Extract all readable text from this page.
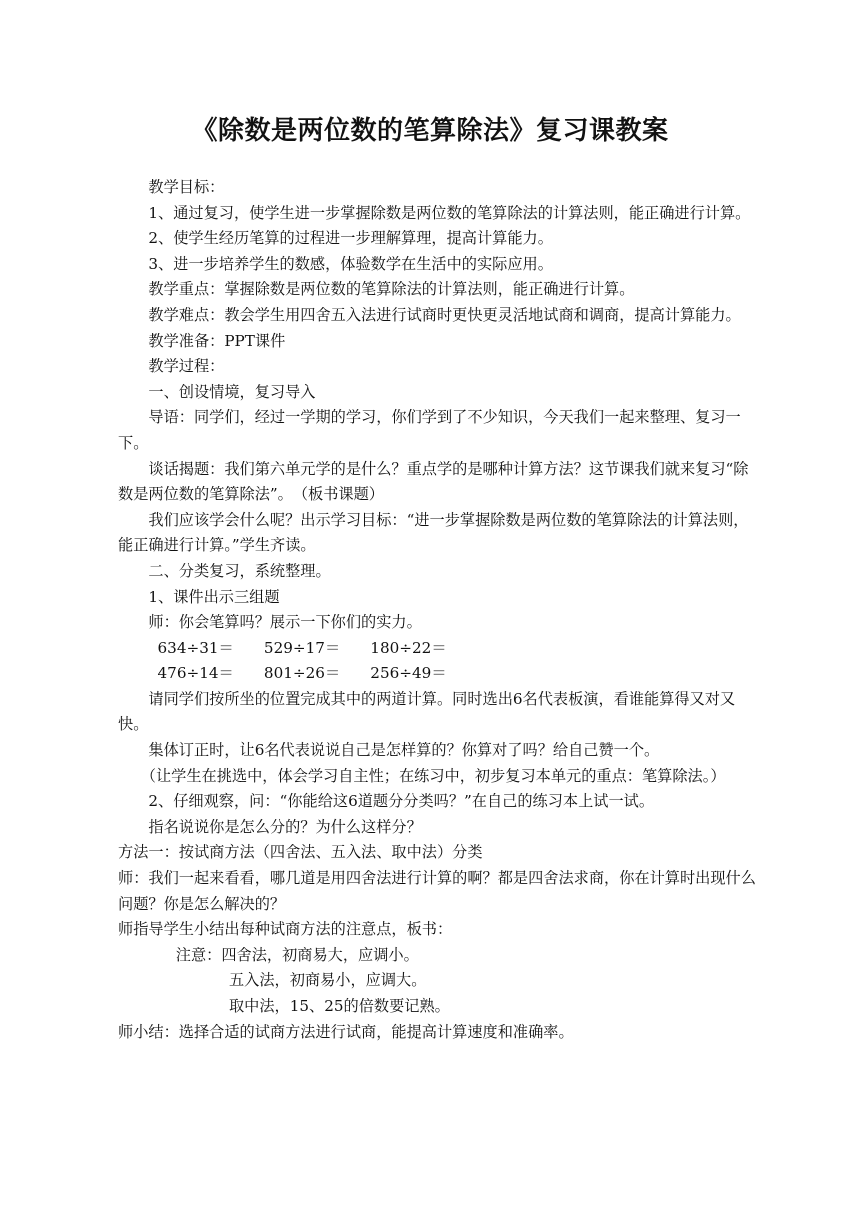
《除数是两位数的笔算除法》复习课教案

教学目标：

1、通过复习，使学生进一步掌握除数是两位数的笔算除法的计算法则，能正确进行计算。

2、使学生经历笔算的过程进一步理解算理，提高计算能力。

3、进一步培养学生的数感，体验数学在生活中的实际应用。

教学重点：掌握除数是两位数的笔算除法的计算法则，能正确进行计算。

教学难点：教会学生用四舍五入法进行试商时更快更灵活地试商和调商，提高计算能力。

教学准备：PPT课件

教学过程：

一、创设情境，复习导入

导语：同学们，经过一学期的学习，你们学到了不少知识，今天我们一起来整理、复习一下。

谈话揭题：我们第六单元学的是什么？重点学的是哪种计算方法？这节课我们就来复习“除数是两位数的笔算除法”。　（板书课题）

我们应该学会什么呢？出示学习目标：“进一步掌握除数是两位数的笔算除法的计算法则，能正确进行计算。”学生齐读。

二、分类复习，系统整理。

1、课件出示三组题

师：你会笔算吗？展示一下你们的实力。

634÷31＝	529÷17＝	180÷22＝
476÷14＝	801÷26＝	256÷49＝

请同学们按所坐的位置完成其中的两道计算。同时选出6名代表板演，看谁能算得又对又快。

集体订正时，让6名代表说说自己是怎样算的？你算对了吗？给自己赞一个。

（让学生在挑选中，体会学习自主性；在练习中，初步复习本单元的重点：笔算除法。）

2、仔细观察，问：“你能给这6道题分分类吗？”在自己的练习本上试一试。

指名说说你是怎么分的？为什么这样分？

方法一：按试商方法（四舍法、五入法、取中法）分类

师：我们一起来看看，哪几道是用四舍法进行计算的啊？都是四舍法求商，你在计算时出现什么问题？你是怎么解决的？

师指导学生小结出每种试商方法的注意点，板书：

注意：四舍法，初商易大，应调小。

五入法，初商易小，应调大。

取中法，15、25的倍数要记熟。

师小结：选择合适的试商方法进行试商，能提高计算速度和准确率。
